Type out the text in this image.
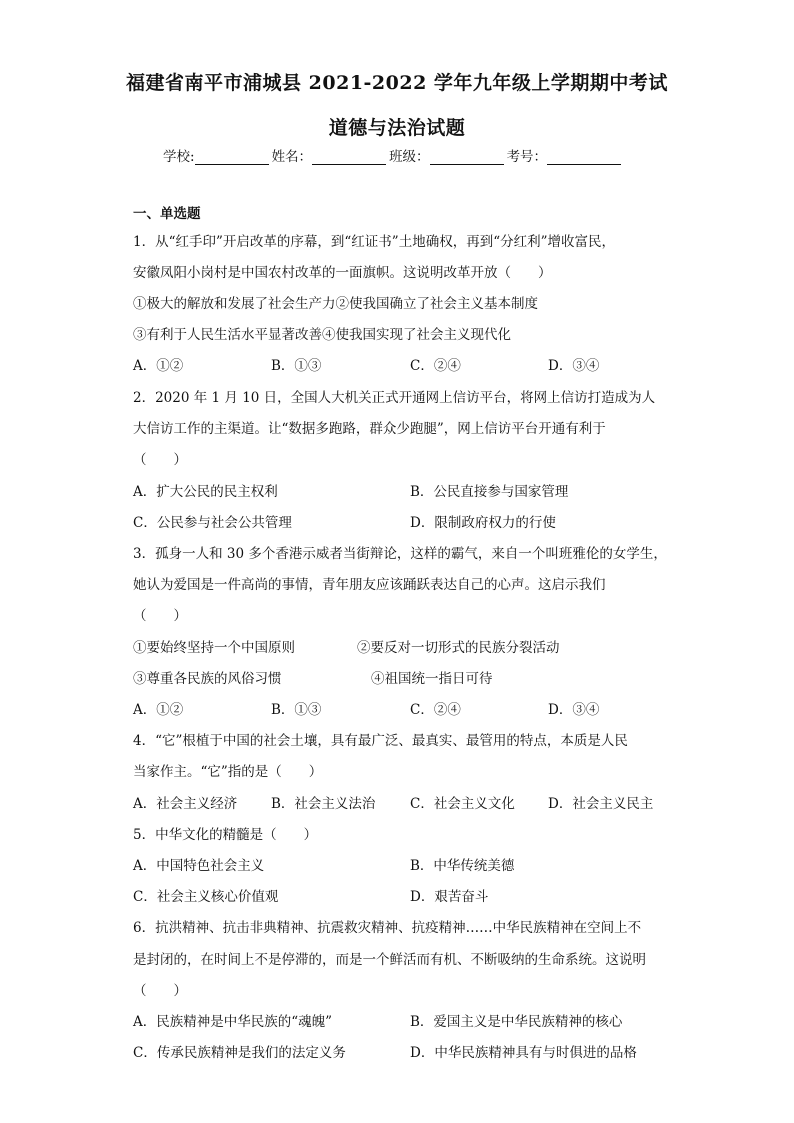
福建省南平市浦城县 2021-2022 学年九年级上学期期中考试
道德与法治试题
学校:	姓名：	班级：	考号：
一、单选题
1．从“红手印”开启改革的序幕，到“红证书”土地确权，再到“分红利”增收富民，
安徽凤阳小岗村是中国农村改革的一面旗帜。这说明改革开放（　　）
①极大的解放和发展了社会生产力②使我国确立了社会主义基本制度
③有利于人民生活水平显著改善④使我国实现了社会主义现代化
A．①②	B．①③	C．②④	D．③④
2．2020 年 1 月 10 日，全国人大机关正式开通网上信访平台，将网上信访打造成为人
大信访工作的主渠道。让“数据多跑路，群众少跑腿”，网上信访平台开通有利于
（　　）
A．扩大公民的民主权利	B．公民直接参与国家管理
C．公民参与社会公共管理	D．限制政府权力的行使
3．孤身一人和 30 多个香港示威者当街辩论，这样的霸气，来自一个叫班雅伦的女学生，
她认为爱国是一件高尚的事情，青年朋友应该踊跃表达自己的心声。这启示我们
（　　）
①要始终坚持一个中国原则	②要反对一切形式的民族分裂活动
③尊重各民族的风俗习惯	④祖国统一指日可待
A．①②	B．①③	C．②④	D．③④
4．“它”根植于中国的社会土壤，具有最广泛、最真实、最管用的特点，本质是人民
当家作主。“它”指的是（　　）
A．社会主义经济	B．社会主义法治	C．社会主义文化 D．社会主义民主
5．中华文化的精髓是（　　）
A．中国特色社会主义	B．中华传统美德
C．社会主义核心价值观	D．艰苦奋斗
6．抗洪精神、抗击非典精神、抗震救灾精神、抗疫精神……中华民族精神在空间上不
是封闭的，在时间上不是停滞的，而是一个鲜活而有机、不断吸纳的生命系统。这说明
（　　）
A．民族精神是中华民族的“魂魄”	B．爱国主义是中华民族精神的核心
C．传承民族精神是我们的法定义务	D．中华民族精神具有与时俱进的品格
